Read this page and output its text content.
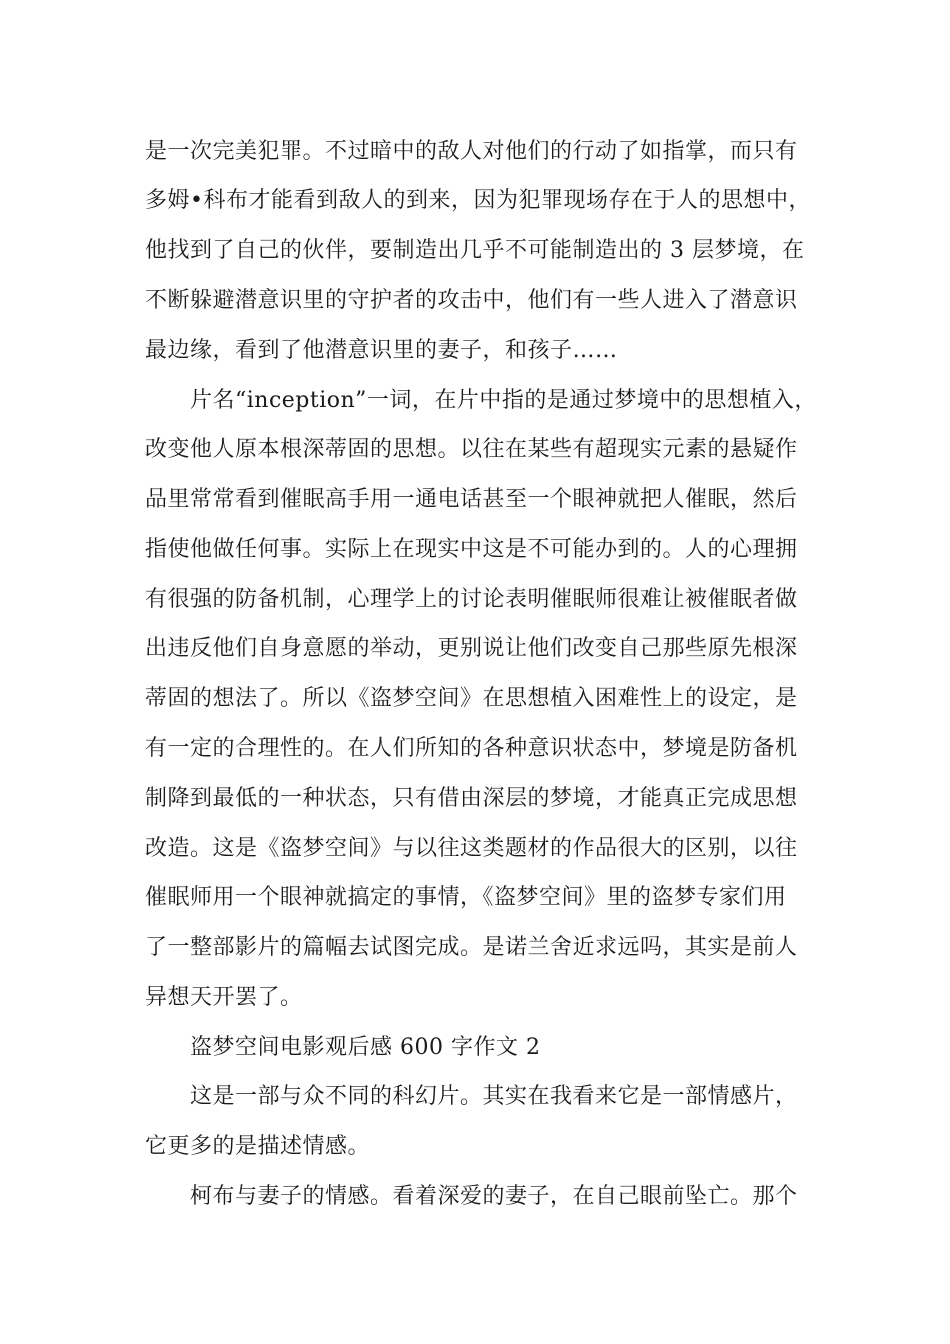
是一次完美犯罪。不过暗中的敌人对他们的行动了如指掌，而只有
多姆•科布才能看到敌人的到来，因为犯罪现场存在于人的思想中，
他找到了自己的伙伴，要制造出几乎不可能制造出的 3 层梦境，在
不断躲避潜意识里的守护者的攻击中，他们有一些人进入了潜意识
最边缘，看到了他潜意识里的妻子，和孩子……
片名“inception”一词，在片中指的是通过梦境中的思想植入，
改变他人原本根深蒂固的思想。以往在某些有超现实元素的悬疑作
品里常常看到催眠高手用一通电话甚至一个眼神就把人催眠，然后
指使他做任何事。实际上在现实中这是不可能办到的。人的心理拥
有很强的防备机制，心理学上的讨论表明催眠师很难让被催眠者做
出违反他们自身意愿的举动，更别说让他们改变自己那些原先根深
蒂固的想法了。所以《盗梦空间》在思想植入困难性上的设定，是
有一定的合理性的。在人们所知的各种意识状态中，梦境是防备机
制降到最低的一种状态，只有借由深层的梦境，才能真正完成思想
改造。这是《盗梦空间》与以往这类题材的作品很大的区别，以往
催眠师用一个眼神就搞定的事情，《盗梦空间》里的盗梦专家们用
了一整部影片的篇幅去试图完成。是诺兰舍近求远吗，其实是前人
异想天开罢了。
盗梦空间电影观后感 600 字作文 2
这是一部与众不同的科幻片。其实在我看来它是一部情感片，
它更多的是描述情感。
柯布与妻子的情感。看着深爱的妻子，在自己眼前坠亡。那个
